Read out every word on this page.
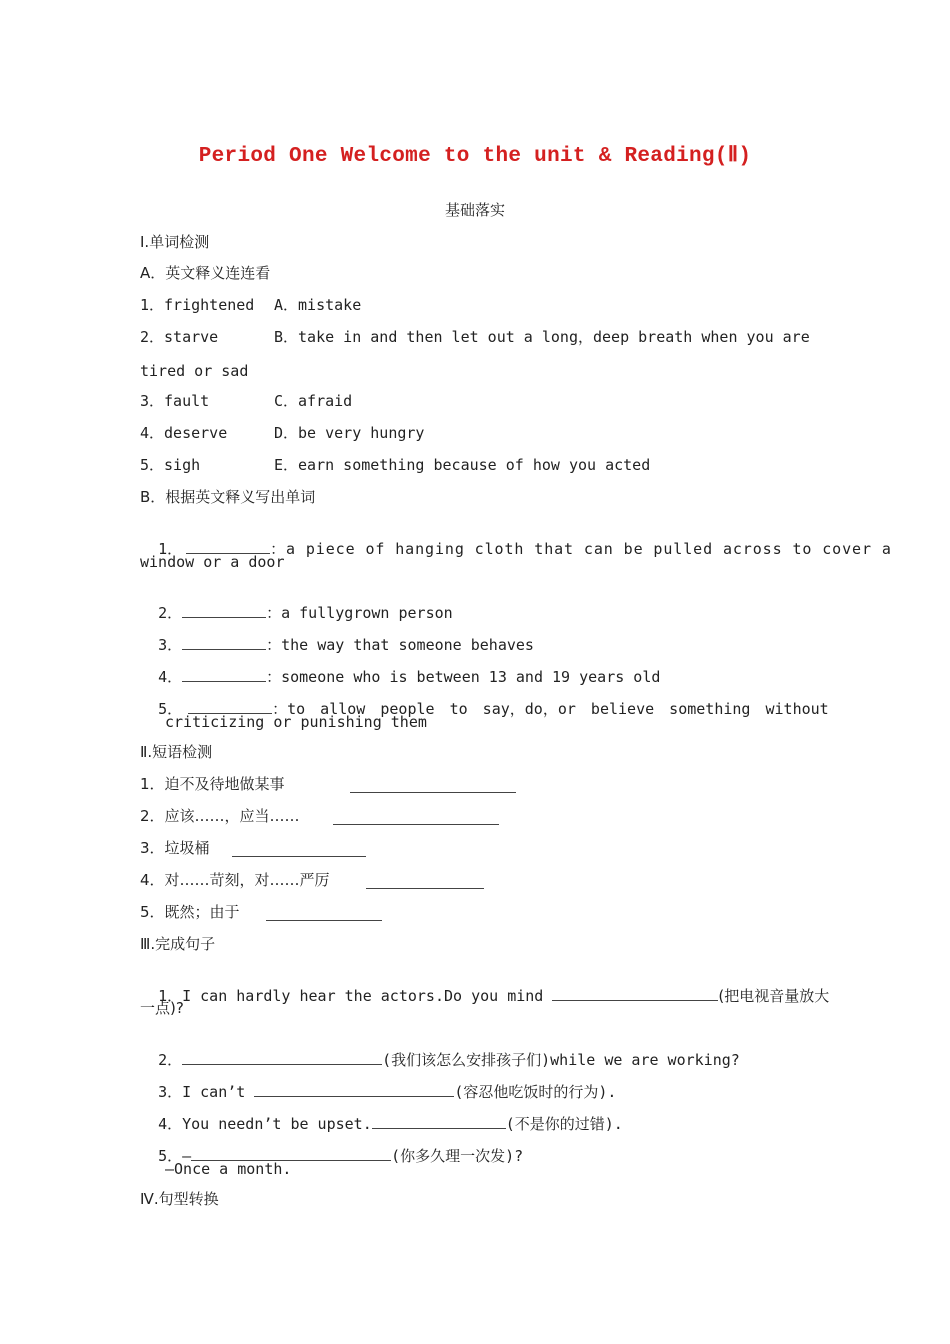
Period One Welcome to the unit & Reading(Ⅱ)
基础落实
Ⅰ.单词检测
A．英文释义连连看
1．frightened A．mistake
2．starve	B．take in and then let out a long，deep breath when you are
tired or sad
3．fault	C．afraid
4．deserve	D．be very hungry
5．sigh	E．earn something because of how you acted
B．根据英文释义写出单词

1．	：a piece of hanging cloth that can be pulled across to cover a

window or a door

2．	：a fullygrown person

3．	：the way that someone behaves

4．	：someone who is between 13 and 19 years old

5．	：to allow people to say，do，or believe something without

criticizing or punishing them
Ⅱ.短语检测
1．迫不及待地做某事
2．应该……，应当……
3．垃圾桶
4．对……苛刻，对……严厉
5．既然；由于
Ⅲ.完成句子

1．I can hardly hear the actors.Do you mind	(把电视音量放大

一点)?

2．	(我们该怎么安排孩子们)while we are working?

3．I can’t	(容忍他吃饭时的行为).

4．You needn’t be upset.	(不是你的过错).

5．—	(你多久理一次发)?

—Once a month.
Ⅳ.句型转换
